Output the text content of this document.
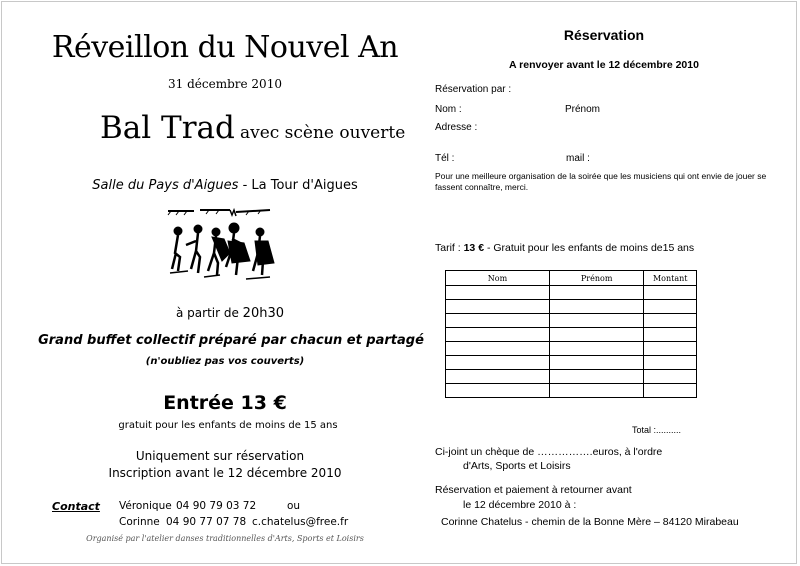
Réveillon du Nouvel An
31 décembre 2010
Bal Trad avec scène ouverte
Salle du Pays d'Aigues - La Tour d'Aigues
à partir de 20h30
Grand buffet collectif préparé par chacun et partagé
(n'oubliez pas vos couverts)
Entrée 13 €
gratuit pour les enfants de moins de 15 ans
Uniquement sur réservation
Inscription avant le 12 décembre 2010
Contact Véronique 04 90 79 03 72	ou
Corinne 04 90 77 07 78 c.chatelus@free.fr
Organisé par l'atelier danses traditionnelles d'Arts, Sports et Loisirs
Réservation
A renvoyer avant le 12 décembre 2010
Réservation par :
Nom :	Prénom
Adresse :
Tél :	mail :
Pour une meilleure organisation de la soirée que les musiciens qui ont envie de jouer se fassent connaître, merci.
Tarif : 13 € - Gratuit pour les enfants de moins de15 ans
Nom	Prénom	Montant

Total :..........
Ci-joint un chèque de …………….euros, à l'ordre
d'Arts, Sports et Loisirs
Réservation et paiement à retourner avant
le 12 décembre 2010 à :
Corinne Chatelus - chemin de la Bonne Mère – 84120 Mirabeau
